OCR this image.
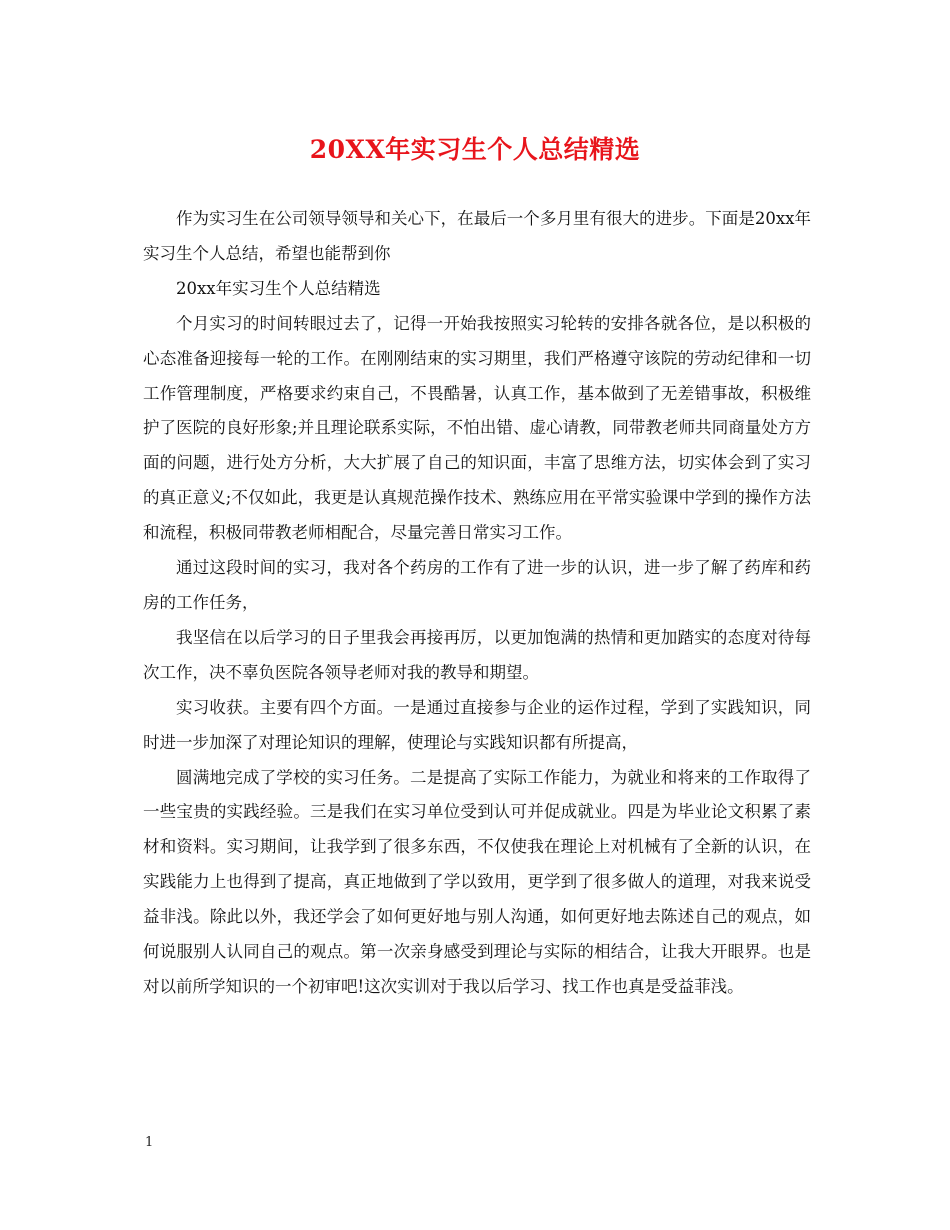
20XX年实习生个人总结精选

作为实习生在公司领导领导和关心下，在最后一个多月里有很大的进步。下面是20xx年实习生个人总结，希望也能帮到你

20xx年实习生个人总结精选

个月实习的时间转眼过去了，记得一开始我按照实习轮转的安排各就各位，是以积极的心态准备迎接每一轮的工作。在刚刚结束的实习期里，我们严格遵守该院的劳动纪律和一切工作管理制度，严格要求约束自己，不畏酷暑，认真工作，基本做到了无差错事故，积极维护了医院的良好形象;并且理论联系实际，不怕出错、虚心请教，同带教老师共同商量处方方面的问题，进行处方分析，大大扩展了自己的知识面，丰富了思维方法，切实体会到了实习的真正意义;不仅如此，我更是认真规范操作技术、熟练应用在平常实验课中学到的操作方法和流程，积极同带教老师相配合，尽量完善日常实习工作。

通过这段时间的实习，我对各个药房的工作有了进一步的认识，进一步了解了药库和药房的工作任务，

我坚信在以后学习的日子里我会再接再厉，以更加饱满的热情和更加踏实的态度对待每次工作，决不辜负医院各领导老师对我的教导和期望。

实习收获。主要有四个方面。一是通过直接参与企业的运作过程，学到了实践知识，同时进一步加深了对理论知识的理解，使理论与实践知识都有所提高，

圆满地完成了学校的实习任务。二是提高了实际工作能力，为就业和将来的工作取得了一些宝贵的实践经验。三是我们在实习单位受到认可并促成就业。四是为毕业论文积累了素材和资料。实习期间，让我学到了很多东西，不仅使我在理论上对机械有了全新的认识，在实践能力上也得到了提高，真正地做到了学以致用，更学到了很多做人的道理，对我来说受益非浅。除此以外，我还学会了如何更好地与别人沟通，如何更好地去陈述自己的观点，如何说服别人认同自己的观点。第一次亲身感受到理论与实际的相结合，让我大开眼界。也是对以前所学知识的一个初审吧!这次实训对于我以后学习、找工作也真是受益菲浅。

1
